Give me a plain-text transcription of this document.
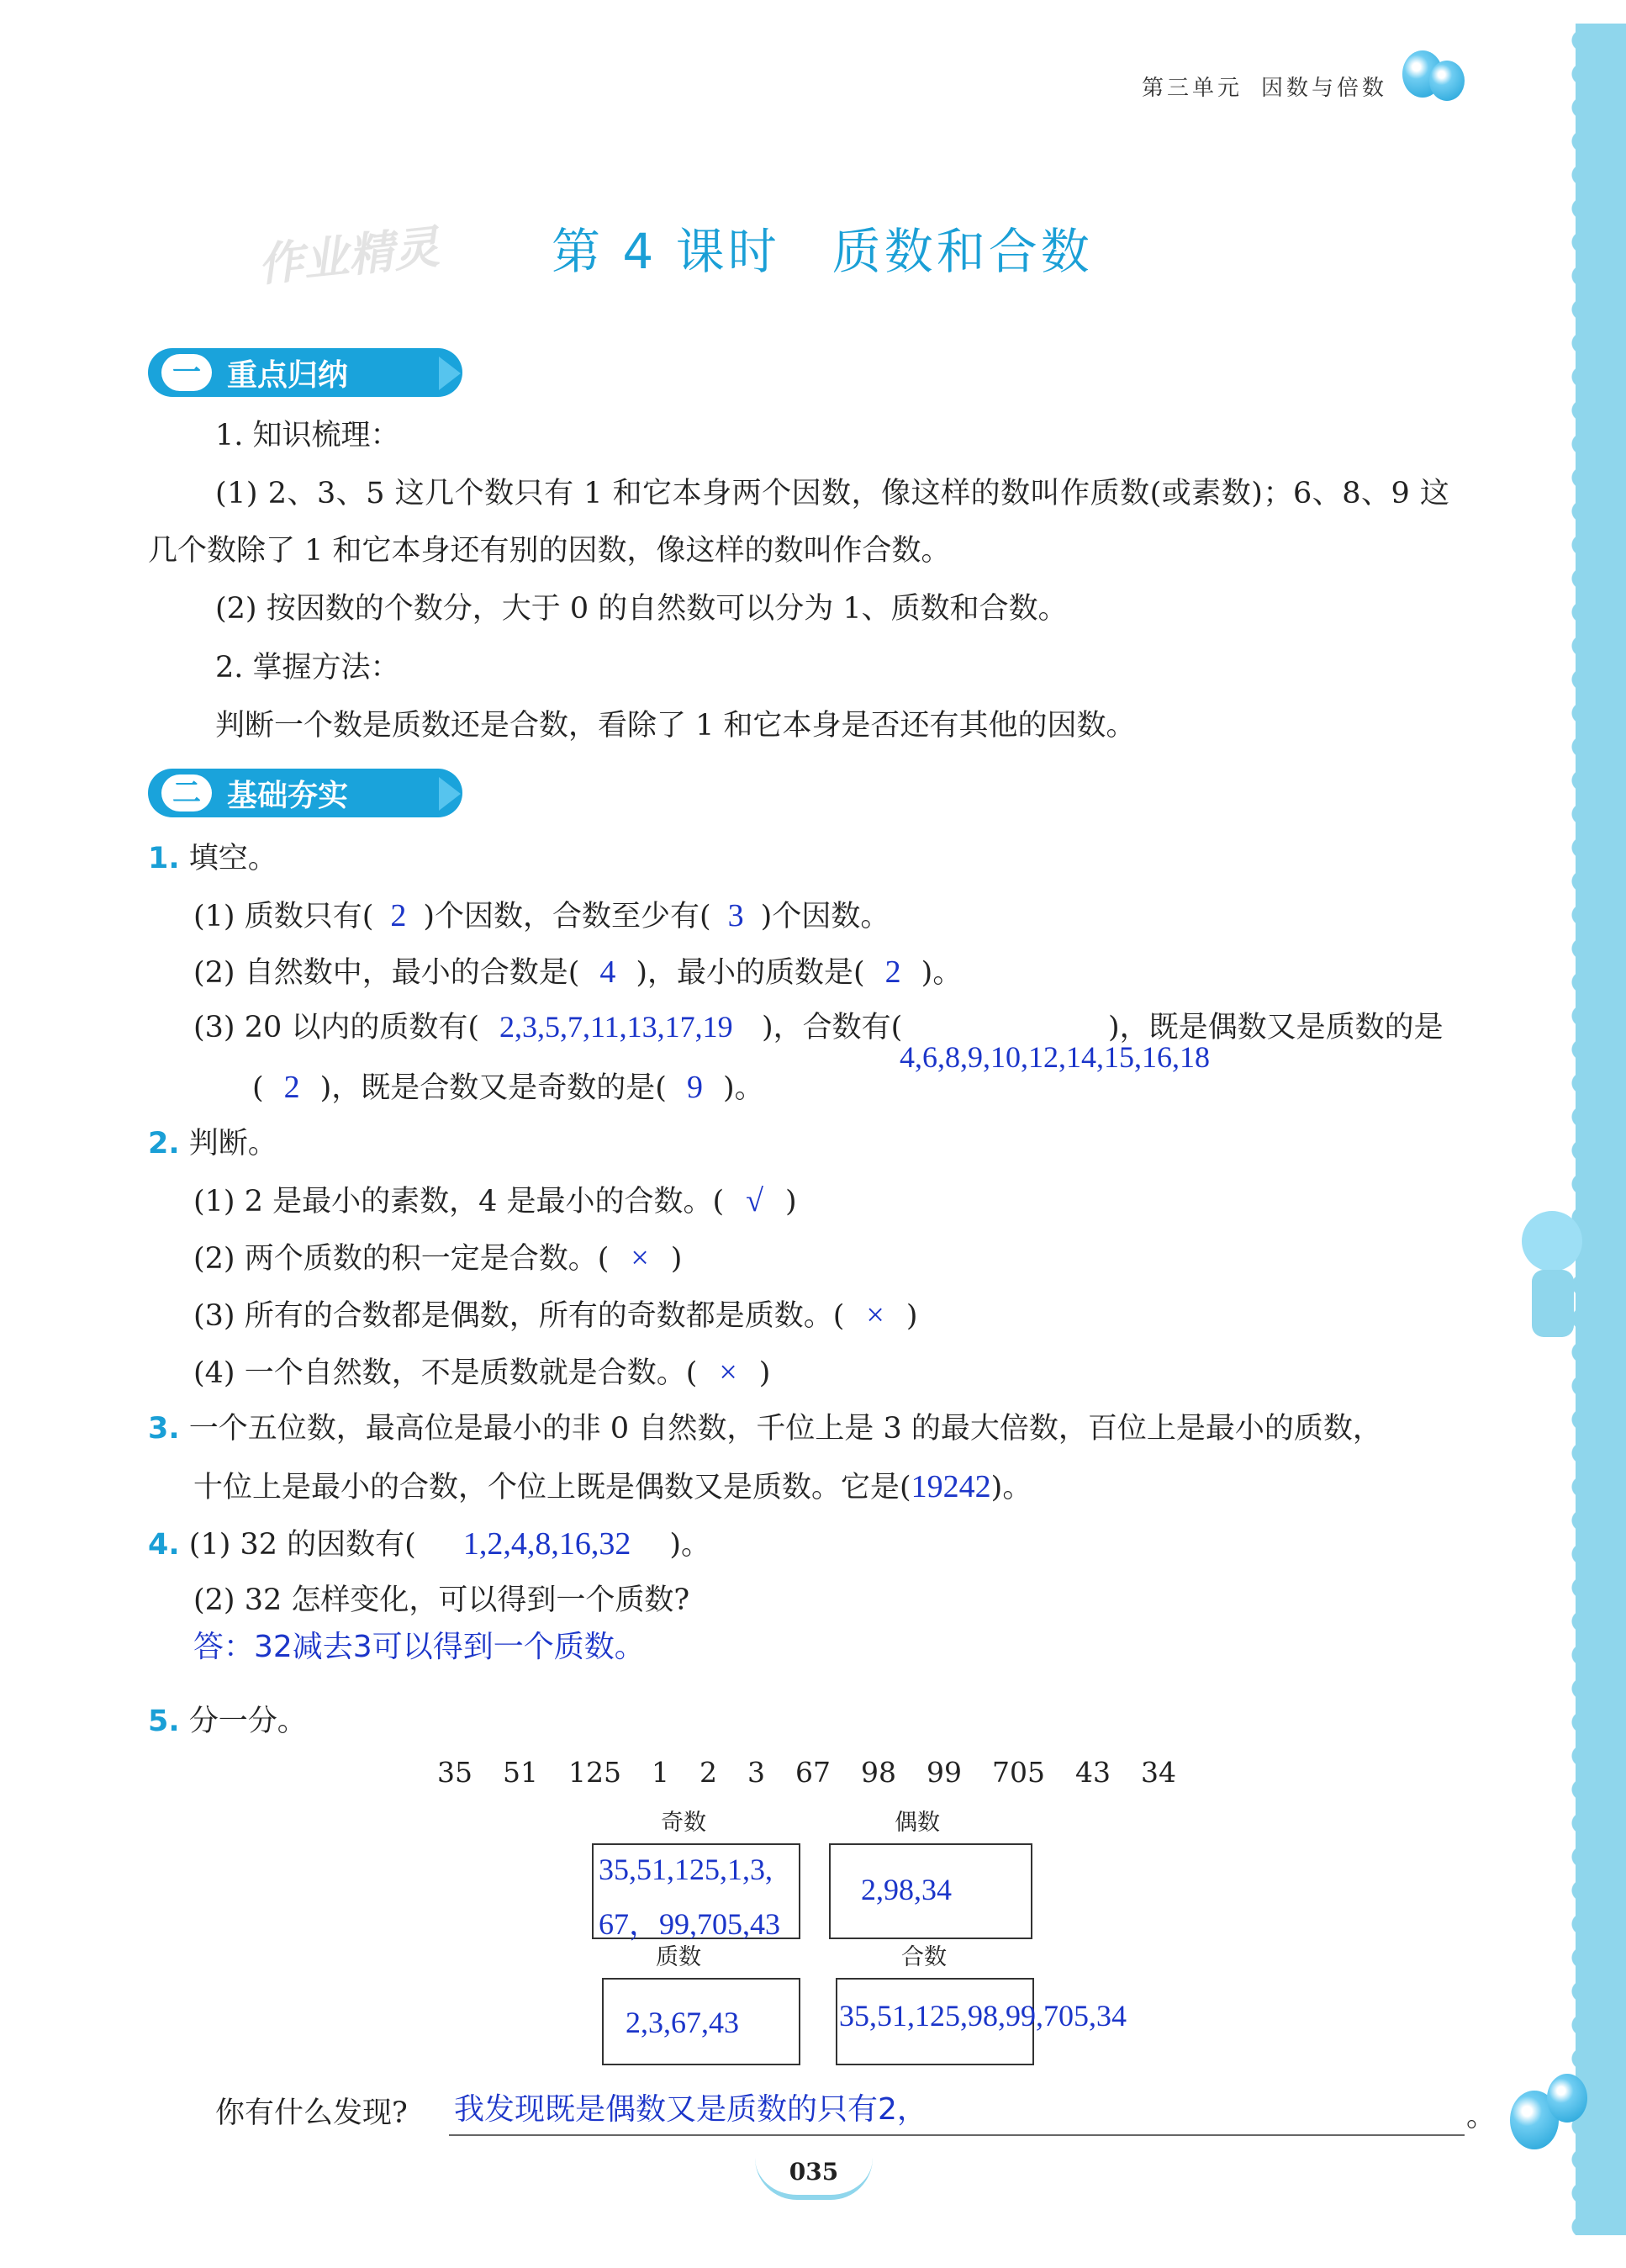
第三单元 因数与倍数
作业精灵 第 4 课时　质数和合数
一 重点归纳
1. 知识梳理：
(1) 2、3、5 这几个数只有 1 和它本身两个因数，像这样的数叫作质数(或素数)；6、8、9 这
几个数除了 1 和它本身还有别的因数，像这样的数叫作合数。
(2) 按因数的个数分，大于 0 的自然数可以分为 1、质数和合数。
2. 掌握方法：
判断一个数是质数还是合数，看除了 1 和它本身是否还有其他的因数。
二 基础夯实
1. 填空。
(1) 质数只有( 2 )个因数，合数至少有( 3 )个因数。
(2) 自然数中，最小的合数是( 4 )，最小的质数是( 2 )。
(3) 20 以内的质数有( 2,3,5,7,11,13,17,19 )，合数有(	)，既是偶数又是质数的是
4,6,8,9,10,12,14,15,16,18
( 2 )，既是合数又是奇数的是( 9 )。
2. 判断。
(1) 2 是最小的素数，4 是最小的合数。( √ )
(2) 两个质数的积一定是合数。( × )
(3) 所有的合数都是偶数，所有的奇数都是质数。( × )
(4) 一个自然数，不是质数就是合数。( × )
3. 一个五位数，最高位是最小的非 0 自然数，千位上是 3 的最大倍数，百位上是最小的质数，
十位上是最小的合数，个位上既是偶数又是质数。它是(19242)。
4. (1) 32 的因数有( 1,2,4,8,16,32 )。
(2) 32 怎样变化，可以得到一个质数?
答：32减去3可以得到一个质数。
5. 分一分。
35 51 125 1 2 3 67 98 99 705 43 34
奇数
35,51,125,1,3,
67，99,705,43
偶数
2,98,34
质数
2,3,67,43
合数
35,51,125,98,99,705,34
你有什么发现? 我发现既是偶数又是质数的只有2，	。
035
